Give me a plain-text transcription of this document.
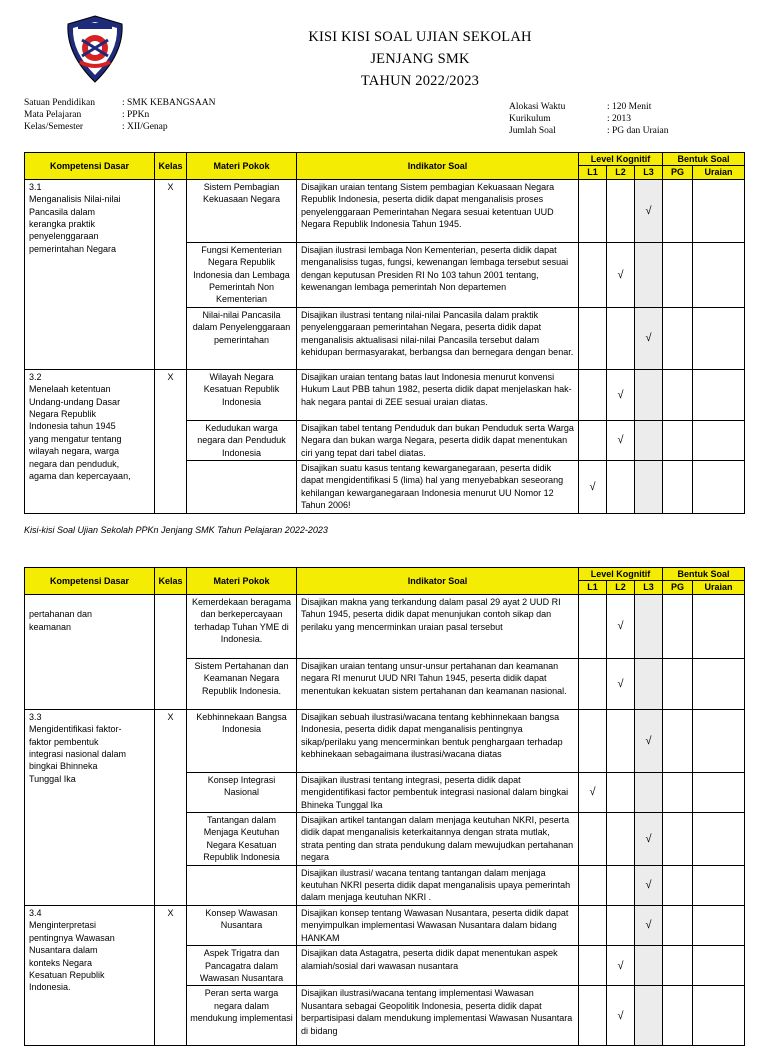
KISI KISI SOAL UJIAN SEKOLAH
JENJANG SMK
TAHUN 2022/2023
Satuan Pendidikan	: SMK KEBANGSAAN
Mata Pelajaran	: PPKn
Kelas/Semester	: XII/Genap
Alokasi Waktu	: 120 Menit
Kurikulum	: 2013
Jumlah Soal	: PG dan Uraian
Kompetensi Dasar	Kelas	Materi Pokok	Indikator Soal	Level Kognitif			Bentuk Soal	
				L1	L2	L3	PG	Uraian
3.1Menganalisis Nilai-nilai Pancasila dalam kerangka praktik penyelenggaraan pemerintahan Negara	X	Sistem Pembagian Kekuasaan Negara	Disajikan uraian tentang Sistem pembagian Kekuasaan Negara Republik Indonesia, peserta didik dapat menganalisis proses penyelenggaraan Pemerintahan Negara sesuai ketentuan UUD Negara Republik Indonesia Tahun 1945.			√		
		Fungsi Kementerian Negara Republik Indonesia dan Lembaga Pemerintah Non Kementerian	Disajian ilustrasi lembaga Non Kementerian, peserta didik dapat menganalisiss tugas, fungsi, kewenangan lembaga tersebut sesuai dengan keputusan Presiden RI No 103 tahun 2001 tentang, kewenangan lembaga pemerintah Non departemen		√			
		Nilai-nilai Pancasila dalam Penyelenggaraan pemerintahan	Disajikan ilustrasi tentang nilai-nilai Pancasila dalam praktik penyelenggaraan pemerintahan Negara, peserta didik dapat menganalisis aktualisasi nilai-nilai Pancasila tersebut dalam kehidupan bermasyarakat, berbangsa dan bernegara dengan benar.			√		
3.2Menelaah ketentuan Undang-undang Dasar Negara Republik Indonesia tahun 1945 yang mengatur tentang wilayah negara, warga negara dan penduduk, agama dan kepercayaan,	X	Wilayah Negara Kesatuan Republik Indonesia	Disajikan uraian tentang batas laut Indonesia menurut konvensi Hukum Laut PBB tahun 1982, peserta didik dapat menjelaskan hak- hak negara pantai di ZEE sesuai uraian diatas.		√			
		Kedudukan warga negara dan Penduduk Indonesia	Disajikan tabel tentang Penduduk dan bukan Penduduk serta Warga Negara dan bukan warga Negara, peserta didik dapat menentukan ciri yang tepat dari tabel diatas.		√			
			Disajikan suatu kasus tentang kewarganegaraan, peserta didik dapat mengidentifikasi 5 (lima) hal yang menyebabkan seseorang kehilangan kewarganegaraan Indonesia menurut UU Nomor 12 Tahun 2006!	√				
Kisi-kisi Soal Ujian Sekolah PPKn Jenjang SMK Tahun Pelajaran 2022-2023
Kompetensi Dasar	Kelas	Materi Pokok	Indikator Soal	Level Kognitif			Bentuk Soal	
				L1	L2	L3	PG	Uraian
pertahanan dan keamanan		Kemerdekaan beragama dan berkepercayaan terhadap Tuhan YME di Indonesia.	Disajikan makna yang terkandung dalam pasal 29 ayat 2 UUD RI Tahun 1945, peserta didik dapat menunjukan contoh sikap dan perilaku yang mencerminkan uraian pasal tersebut		√			
		Sistem Pertahanan dan Keamanan Negara Republik Indonesia.	Disajikan uraian tentang unsur-unsur pertahanan dan keamanan negara RI menurut UUD NRI Tahun 1945, peserta didik dapat menentukan kekuatan sistem pertahanan dan keamanan nasional.		√			
3.3Mengidentifikasi faktor- faktor pembentuk integrasi nasional dalam bingkai Bhinneka Tunggal Ika	X	Kebhinnekaan Bangsa Indonesia	Disajikan sebuah ilustrasi/wacana tentang kebhinnekaan bangsa Indonesia, peserta didik dapat menganalisis pentingnya sikap/perilaku yang mencerminkan bentuk penghargaan terhadap kebhinekaan sebagaimana ilustrasi/wacana diatas			√		
		Konsep Integrasi Nasional	Disajikan ilustrasi tentang integrasi, peserta didik dapat mengidentifikasi factor pembentuk integrasi nasional dalam bingkai Bhineka Tunggal Ika	√				
		Tantangan dalam Menjaga Keutuhan Negara Kesatuan Republik Indonesia	Disajikan artikel tantangan dalam menjaga keutuhan NKRI, peserta didik dapat menganalisis keterkaitannya dengan strata mutlak, strata penting dan strata pendukung dalam mewujudkan pertahanan negara			√		
			Disajikan ilustrasi/ wacana tentang tantangan dalam menjaga keutuhan NKRI peserta didik dapat menganalisis upaya pemerintah dalam menjaga keutuhan NKRI .			√		
3.4Menginterpretasi pentingnya Wawasan Nusantara dalam konteks Negara Kesatuan Republik Indonesia.	X	Konsep Wawasan Nusantara	Disajikan konsep tentang Wawasan Nusantara, peserta didik dapat menyimpulkan implementasi Wawasan Nusantara dalam bidang HANKAM			√		
		Aspek Trigatra dan Pancagatra dalam Wawasan Nusantara	Disajikan data Astagatra, peserta didik dapat menentukan aspek alamiah/sosial dari wawasan nusantara		√			
		Peran serta warga negara dalam mendukung implementasi	Disajikan ilustrasi/wacana tentang implementasi Wawasan Nusantara sebagai Geopolitik Indonesia, peserta didik dapat berpartisipasi dalam mendukung implementasi Wawasan Nusantara di bidang		√			
